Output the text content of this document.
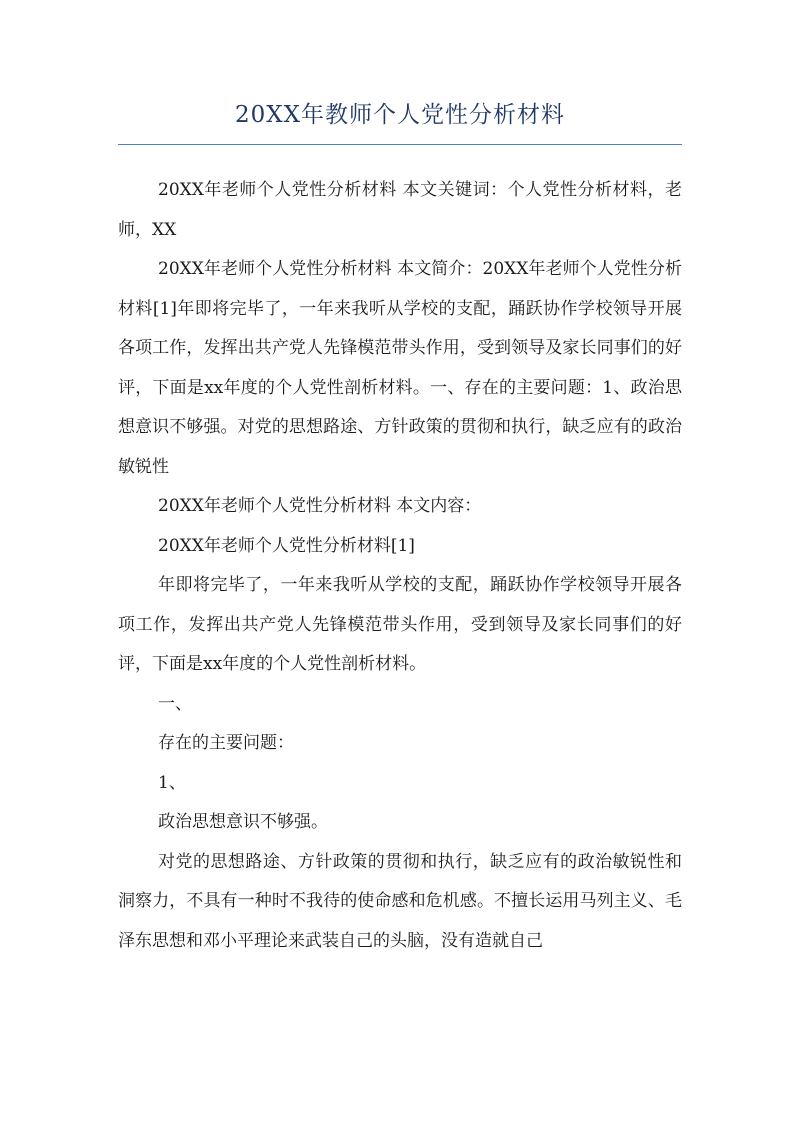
20XX年教师个人党性分析材料

20XX年老师个人党性分析材料 本文关键词：个人党性分析材料，老师，XX

20XX年老师个人党性分析材料 本文简介：20XX年老师个人党性分析材料[1]年即将完毕了，一年来我听从学校的支配，踊跃协作学校领导开展各项工作，发挥出共产党人先锋模范带头作用，受到领导及家长同事们的好评，下面是xx年度的个人党性剖析材料。一、存在的主要问题：1、政治思想意识不够强。对党的思想路途、方针政策的贯彻和执行，缺乏应有的政治敏锐性

20XX年老师个人党性分析材料 本文内容：

20XX年老师个人党性分析材料[1]

年即将完毕了，一年来我听从学校的支配，踊跃协作学校领导开展各项工作，发挥出共产党人先锋模范带头作用，受到领导及家长同事们的好评，下面是xx年度的个人党性剖析材料。

一、

存在的主要问题：

1、

政治思想意识不够强。

对党的思想路途、方针政策的贯彻和执行，缺乏应有的政治敏锐性和洞察力，不具有一种时不我待的使命感和危机感。不擅长运用马列主义、毛泽东思想和邓小平理论来武装自己的头脑，没有造就自己
